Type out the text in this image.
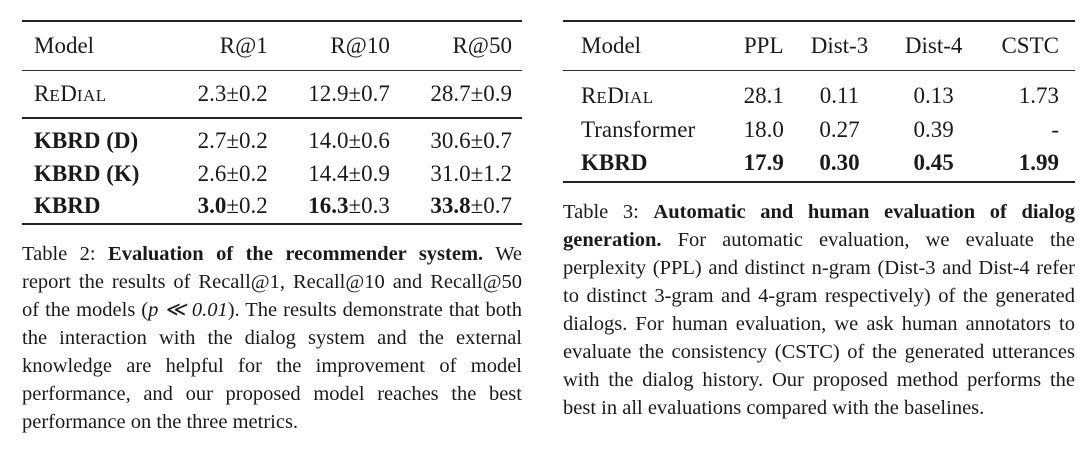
Model	R@1	R@10	R@50
REDIAL	2.3±0.2	12.9±0.7	28.7±0.9
KBRD (D)	2.7±0.2	14.0±0.6	30.6±0.7
KBRD (K)	2.6±0.2	14.4±0.9	31.0±1.2
KBRD	3.0±0.2	16.3±0.3	33.8±0.7
Table 2: Evaluation of the recommender system. We report the results of Recall@1, Recall@10 and Recall@50 of the models (p ≪ 0.01). The results demonstrate that both the interaction with the dialog system and the external knowledge are helpful for the improvement of model performance, and our proposed model reaches the best performance on the three metrics.
Model	PPL	Dist-3	Dist-4	CSTC
REDIAL	28.1	0.11	0.13	1.73
Transformer	18.0	0.27	0.39	-
KBRD	17.9	0.30	0.45	1.99
Table 3: Automatic and human evaluation of dialog generation. For automatic evaluation, we evaluate the perplexity (PPL) and distinct n-gram (Dist-3 and Dist-4 refer to distinct 3-gram and 4-gram respectively) of the generated dialogs. For human evaluation, we ask human annotators to evaluate the consistency (CSTC) of the generated utterances with the dialog history. Our proposed method performs the best in all evaluations compared with the baselines.
